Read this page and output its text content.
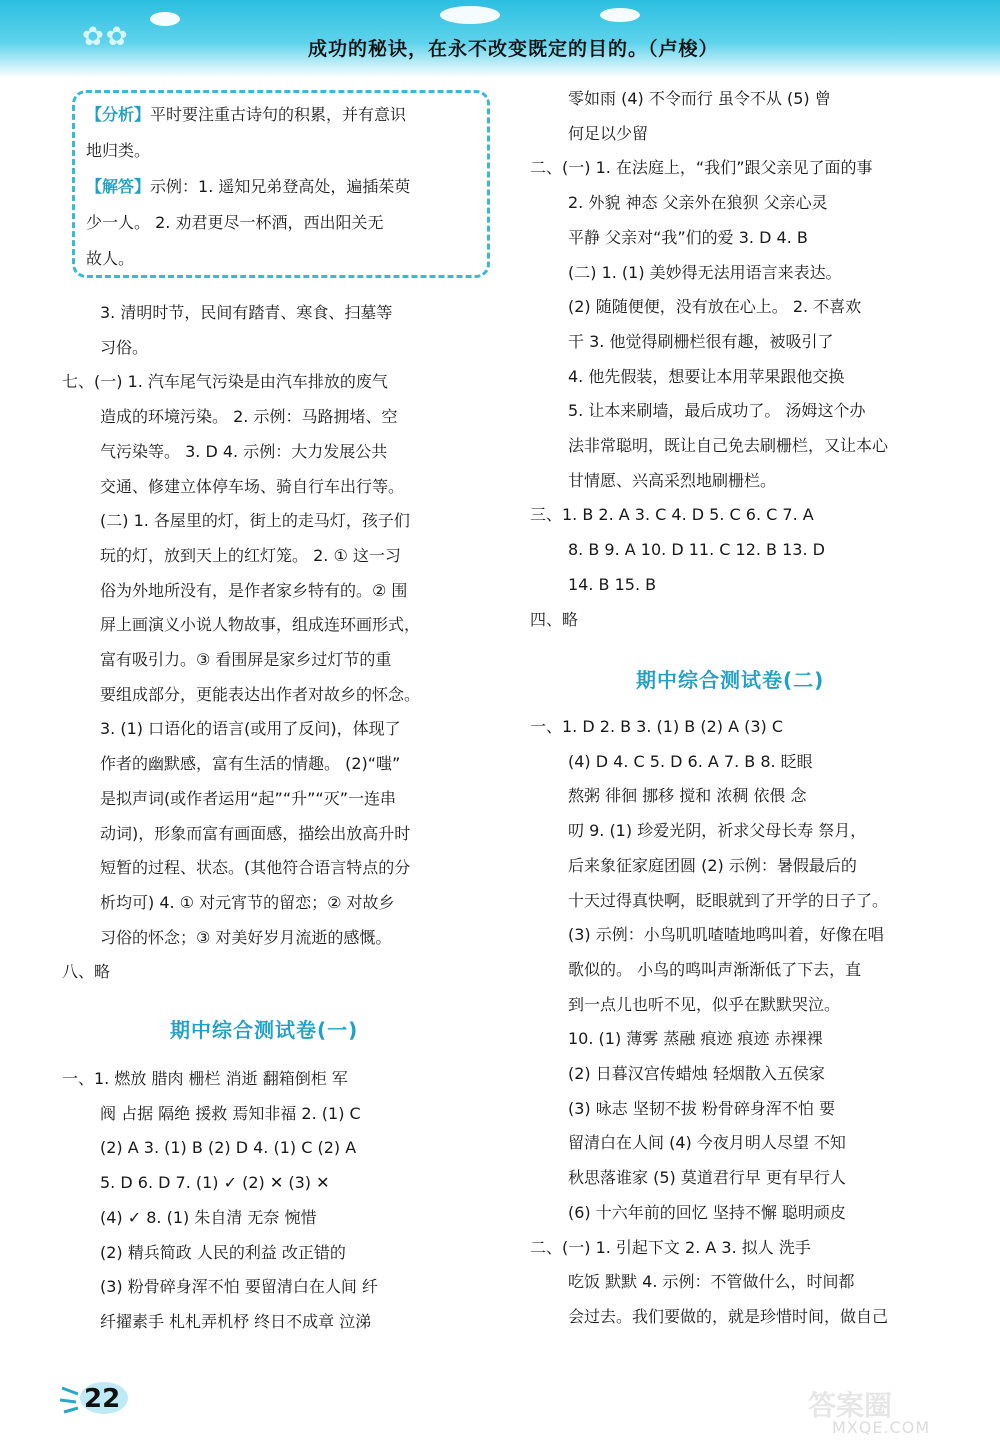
✿✿	成功的秘诀，在永不改变既定的目的。（卢梭）
【分析】平时要注重古诗句的积累，并有意识
地归类。
【解答】示例：1. 遥知兄弟登高处，遍插茱萸
少一人。 2. 劝君更尽一杯酒，西出阳关无
故人。
3. 清明时节，民间有踏青、寒食、扫墓等
习俗。
七、(一) 1. 汽车尾气污染是由汽车排放的废气
造成的环境污染。 2. 示例：马路拥堵、空
气污染等。 3. D 4. 示例：大力发展公共
交通、修建立体停车场、骑自行车出行等。
(二) 1. 各屋里的灯，街上的走马灯，孩子们
玩的灯，放到天上的红灯笼。 2. ① 这一习
俗为外地所没有，是作者家乡特有的。② 围
屏上画演义小说人物故事，组成连环画形式，
富有吸引力。③ 看围屏是家乡过灯节的重
要组成部分，更能表达出作者对故乡的怀念。
3. (1) 口语化的语言(或用了反问)，体现了
作者的幽默感，富有生活的情趣。 (2)“嗤”
是拟声词(或作者运用“起”“升”“灭”一连串
动词)，形象而富有画面感，描绘出放高升时
短暂的过程、状态。(其他符合语言特点的分
析均可) 4. ① 对元宵节的留恋；② 对故乡
习俗的怀念；③ 对美好岁月流逝的感慨。
八、略
一、1. 燃放 腊肉 栅栏 消逝 翻箱倒柜 军
阀 占据 隔绝 援救 焉知非福 2. (1) C
(2) A 3. (1) B (2) D 4. (1) C (2) A
5. D 6. D 7. (1) ✓ (2) ✕ (3) ✕
(4) ✓ 8. (1) 朱自清 无奈 惋惜
(2) 精兵简政 人民的利益 改正错的
(3) 粉骨碎身浑不怕 要留清白在人间 纤
纤擢素手 札札弄机杼 终日不成章 泣涕
零如雨 (4) 不令而行 虽令不从 (5) 曾
何足以少留
二、(一) 1. 在法庭上，“我们”跟父亲见了面的事
2. 外貌 神态 父亲外在狼狈 父亲心灵
平静 父亲对“我”们的爱 3. D 4. B
(二) 1. (1) 美妙得无法用语言来表达。
(2) 随随便便，没有放在心上。 2. 不喜欢
干 3. 他觉得刷栅栏很有趣，被吸引了
4. 他先假装，想要让本用苹果跟他交换
5. 让本来刷墙，最后成功了。 汤姆这个办
法非常聪明，既让自己免去刷栅栏，又让本心
甘情愿、兴高采烈地刷栅栏。
三、1. B 2. A 3. C 4. D 5. C 6. C 7. A
8. B 9. A 10. D 11. C 12. B 13. D
14. B 15. B
四、略
一、1. D 2. B 3. (1) B (2) A (3) C
(4) D 4. C 5. D 6. A 7. B 8. 眨眼
熬粥 徘徊 挪移 搅和 浓稠 依偎 念
叨 9. (1) 珍爱光阴，祈求父母长寿 祭月，
后来象征家庭团圆 (2) 示例：暑假最后的
十天过得真快啊，眨眼就到了开学的日子了。
(3) 示例：小鸟叽叽喳喳地鸣叫着，好像在唱
歌似的。 小鸟的鸣叫声渐渐低了下去，直
到一点儿也听不见，似乎在默默哭泣。
10. (1) 薄雾 蒸融 痕迹 痕迹 赤裸裸
(2) 日暮汉宫传蜡烛 轻烟散入五侯家
(3) 咏志 坚韧不拔 粉骨碎身浑不怕 要
留清白在人间 (4) 今夜月明人尽望 不知
秋思落谁家 (5) 莫道君行早 更有早行人
(6) 十六年前的回忆 坚持不懈 聪明顽皮
二、(一) 1. 引起下文 2. A 3. 拟人 洗手
吃饭 默默 4. 示例：不管做什么，时间都
会过去。我们要做的，就是珍惜时间，做自己
22	答案圈
MXQE.COM
期中综合测试卷(一)
期中综合测试卷(二)
